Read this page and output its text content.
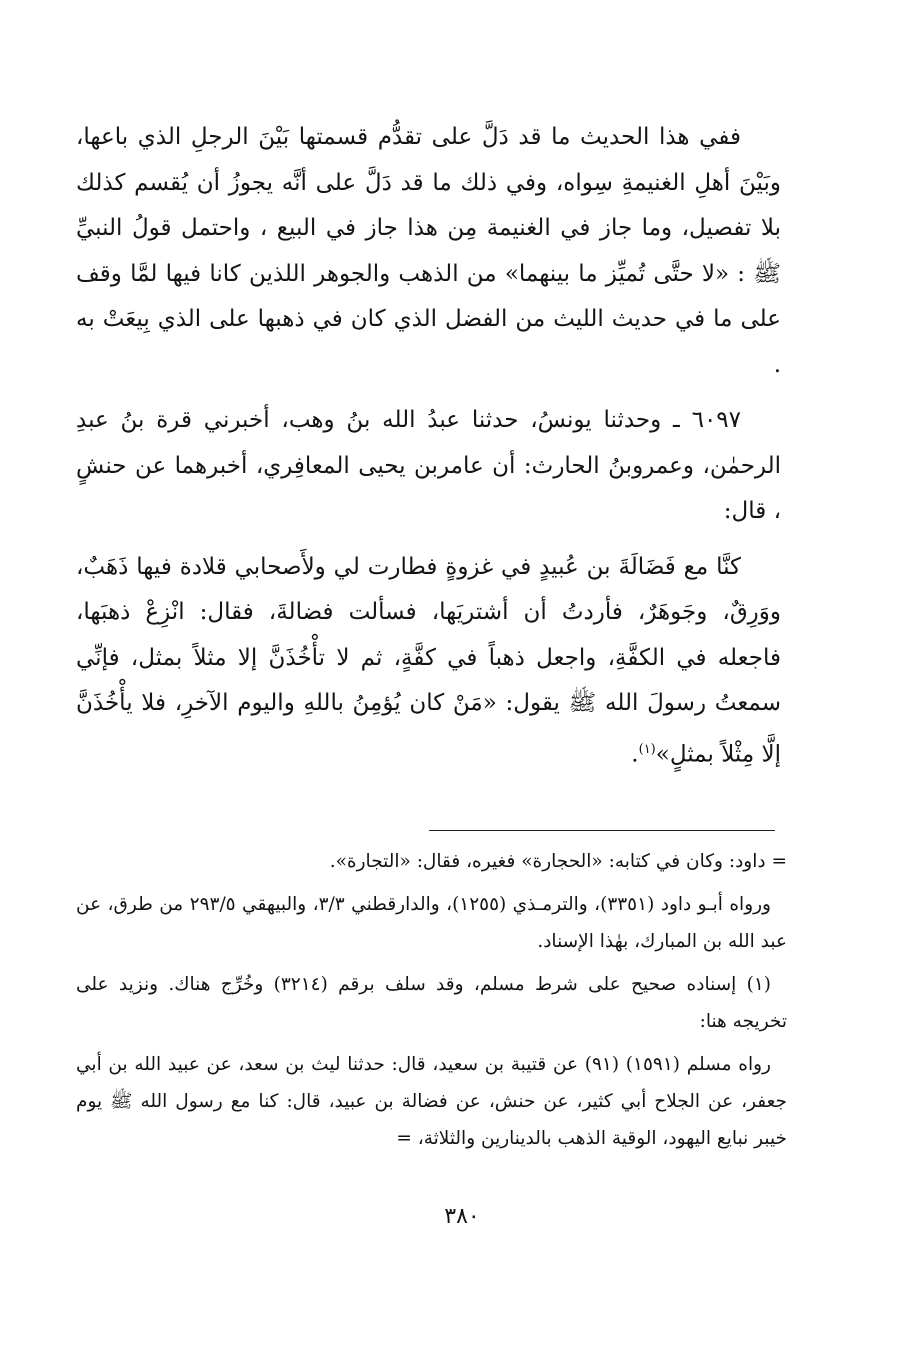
ففي هذا الحديث ما قد دَلَّ على تقدُّم قسمتها بَيْنَ الرجلِ الذي باعها، وبَيْنَ أهلِ الغنيمةِ سِواه، وفي ذلك ما قد دَلَّ على أنَّه يجوزُ أن يُقسم كذلك بلا تفصيل، وما جاز في الغنيمة مِن هذا جاز في البيع ، واحتمل قولُ النبيِّ ﷺ : «لا حتَّى تُميِّز ما بينهما» من الذهب والجوهر اللذين كانا فيها لمَّا وقف على ما في حديث الليث من الفضل الذي كان في ذهبها على الذي بِيعَتْ به .

٦٠٩٧ ـ وحدثنا يونسُ، حدثنا عبدُ الله بنُ وهب، أخبرني قرة بنُ عبدِ الرحمٰن، وعمروبنُ الحارث: أن عامربن يحيى المعافِري، أخبرهما عن حنشٍ ، قال:

كنَّا مع فَضَالَةَ بن عُبيدٍ في غزوةٍ فطارت لي ولأَصحابي قلادة فيها ذَهَبٌ، ووَرِقٌ، وجَوهَرٌ، فأردتُ أن أشتريَها، فسألت فضالةَ، فقال: انْزِعْ ذهبَها، فاجعله في الكفَّةِ، واجعل ذهباً في كفَّةٍ، ثم لا تأْخُذَنَّ إلا مثلاً بمثل، فإنِّي سمعتُ رسولَ الله ﷺ يقول: «مَنْ كان يُؤمِنُ باللهِ واليوم الآخرِ، فلا يأْخُذَنَّ إلَّا مِثْلاً بمثلٍ»$^{(١)}$.

= داود: وكان في كتابه: «الحجارة» فغيره، فقال: «التجارة».

ورواه أبـو داود (٣٣٥١)، والترمـذي (١٢٥٥)، والدارقطني ٣/٣، والبيهقي ٢٩٣/٥ من طرق، عن عبد الله بن المبارك، بهٰذا الإسناد.

(١) إسناده صحيح على شرط مسلم، وقد سلف برقم (٣٢١٤) وخُرِّج هناك. ونزيد على تخريجه هنا:

رواه مسلم (١٥٩١) (٩١) عن قتيبة بن سعيد، قال: حدثنا ليث بن سعد، عن عبيد الله بن أبي جعفر، عن الجلاح أبي كثير، عن حنش، عن فضالة بن عبيد، قال: كنا مع رسول الله ﷺ يوم خيبر نبايع اليهود، الوقية الذهب بالدينارين والثلاثة، =

٣٨٠
